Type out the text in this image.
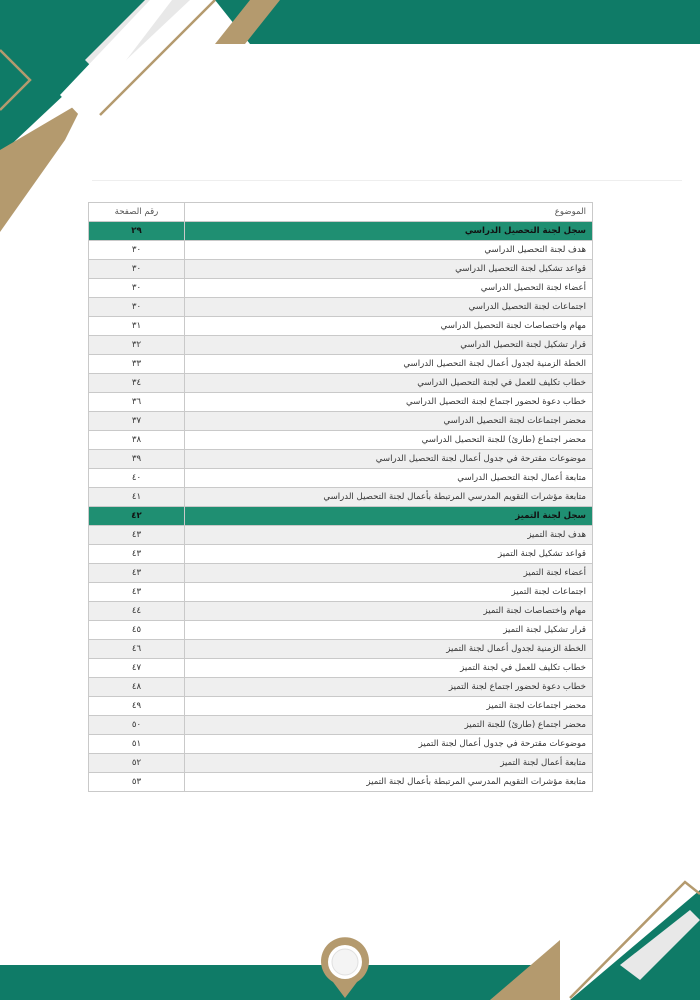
رقم الصفحة	الموضوع
٢٩	سجل لجنة التحصيل الدراسي
٣٠	هدف لجنة التحصيل الدراسي
٣٠	قواعد تشكيل لجنة التحصيل الدراسي
٣٠	أعضاء لجنة التحصيل الدراسي
٣٠	اجتماعات لجنة التحصيل الدراسي
٣١	مهام واختصاصات لجنة التحصيل الدراسي
٣٢	قرار تشكيل لجنة التحصيل الدراسي
٣٣	الخطة الزمنية لجدول أعمال لجنة التحصيل الدراسي
٣٤	خطاب تكليف للعمل في لجنة التحصيل الدراسي
٣٦	خطاب دعوة لحضور اجتماع لجنة التحصيل الدراسي
٣٧	محضر اجتماعات لجنة التحصيل الدراسي
٣٨	محضر اجتماع (طارئ) للجنة التحصيل الدراسي
٣٩	موضوعات مقترحة في جدول أعمال لجنة التحصيل الدراسي
٤٠	متابعة أعمال لجنة التحصيل الدراسي
٤١	متابعة مؤشرات التقويم المدرسي المرتبطة بأعمال لجنة التحصيل الدراسي
٤٢	سجل لجنة التميز
٤٣	هدف لجنة التميز
٤٣	قواعد تشكيل لجنة التميز
٤٣	أعضاء لجنة التميز
٤٣	اجتماعات لجنة التميز
٤٤	مهام واختصاصات لجنة التميز
٤٥	قرار تشكيل لجنة التميز
٤٦	الخطة الزمنية لجدول أعمال لجنة التميز
٤٧	خطاب تكليف للعمل في لجنة التميز
٤٨	خطاب دعوة لحضور اجتماع لجنة التميز
٤٩	محضر اجتماعات لجنة التميز
٥٠	محضر اجتماع (طارئ) للجنة التميز
٥١	موضوعات مقترحة في جدول أعمال لجنة التميز
٥٢	متابعة أعمال لجنة التميز
٥٣	متابعة مؤشرات التقويم المدرسي المرتبطة بأعمال لجنة التميز
